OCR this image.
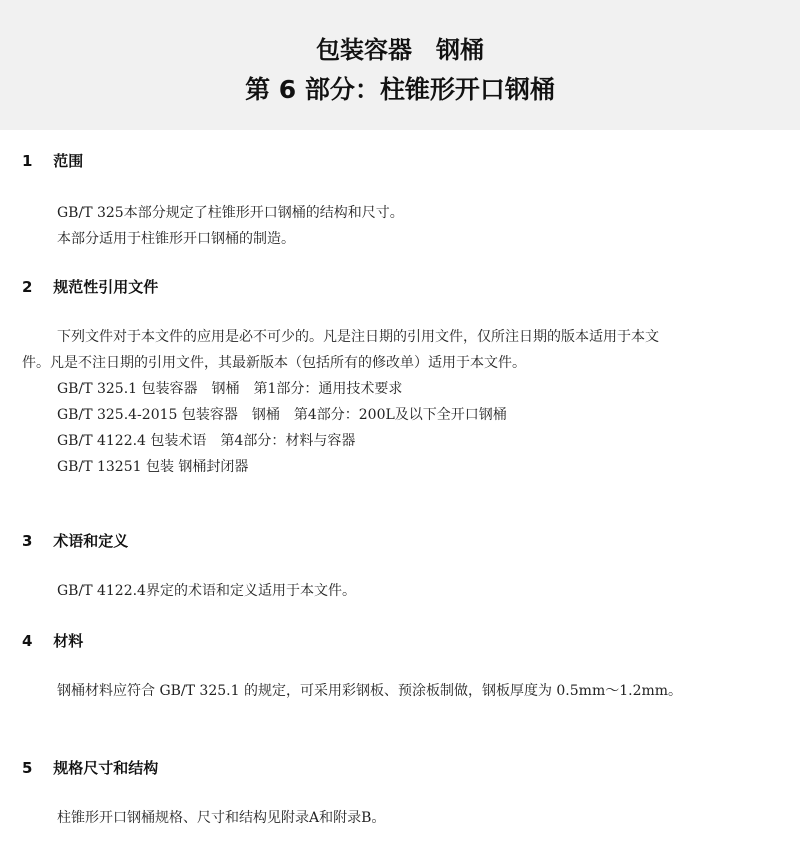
包装容器　钢桶
第 6 部分：柱锥形开口钢桶
1 范围
GB/T 325本部分规定了柱锥形开口钢桶的结构和尺寸。
本部分适用于柱锥形开口钢桶的制造。
2 规范性引用文件
下列文件对于本文件的应用是必不可少的。凡是注日期的引用文件，仅所注日期的版本适用于本文
件。凡是不注日期的引用文件，其最新版本（包括所有的修改单）适用于本文件。
GB/T 325.1 包装容器　钢桶　第1部分：通用技术要求
GB/T 325.4-2015 包装容器　钢桶　第4部分：200L及以下全开口钢桶
GB/T 4122.4 包装术语　第4部分：材料与容器
GB/T 13251 包装 钢桶封闭器
3 术语和定义
GB/T 4122.4界定的术语和定义适用于本文件。
4 材料
钢桶材料应符合 GB/T 325.1 的规定，可采用彩钢板、预涂板制做，钢板厚度为 0.5mm～1.2mm。
5 规格尺寸和结构
柱锥形开口钢桶规格、尺寸和结构见附录A和附录B。
